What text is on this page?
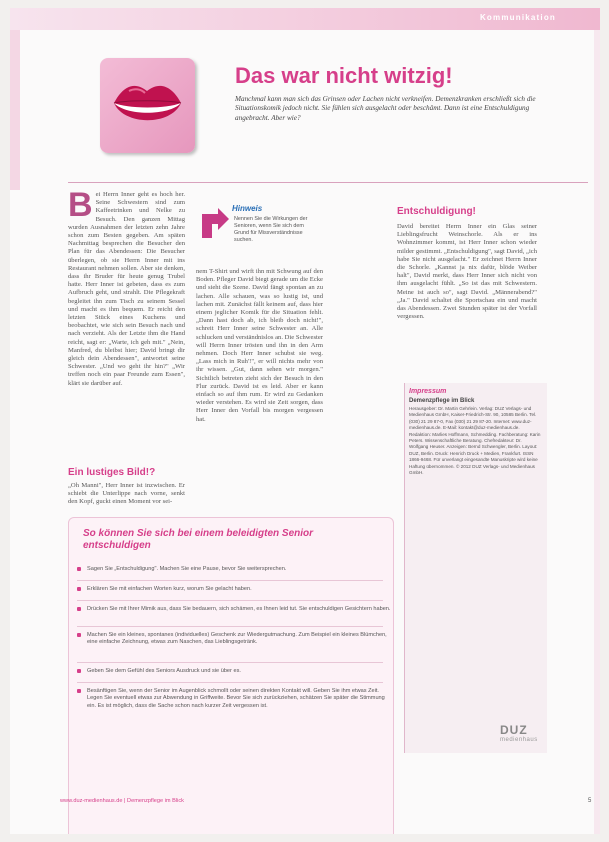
Kommunikation
Das war nicht witzig!
Manchmal kann man sich das Grinsen oder Lachen nicht verkneifen. Demenzkranken erschließt sich die Situationskomik jedoch nicht. Sie fühlen sich ausgelacht oder beschämt. Dann ist eine Entschuldigung angebracht. Aber wie?
B ei Herrn Inner geht es hoch her. Seine Schwestern sind zum Kaffeetrinken und Nelke zu Besuch. Den ganzen Mittag wurden Ausnahmen der letzten zehn Jahre schon zum Besten gegeben. Am späten Nachmittag besprechen die Besucher den Plan für das Abendessen: Die Besucher überlegen, ob sie Herrn Inner mit ins Restaurant nehmen sollen. Aber sie denken, dass ihr Bruder für heute genug Trubel hatte. Herr Inner ist gebeten, dass es zum Aufbruch geht, und strahlt. Die Pflegekraft begleitet ihn zum Tisch zu seinem Sessel und macht es ihm bequem. Er reicht den letzten Stück eines Kuchens und beobachtet, wie sich sein Besuch nach und nach verzieht. Als der Letzte ihm die Hand reicht, sagt er: „Warte, ich geh mit." „Nein, Manfred, du bleibst hier; David bringt dir gleich dein Abendessen", antwortet seine Schwester. „Und wo geht ihr hin?" „Wir treffen noch ein paar Freunde zum Essen", klärt sie darüber auf.

Ein lustiges Bild!?

„Oh Manni", Herr Inner ist inzwischen. Er schiebt die Unterlippe nach vorne, senkt den Kopf, guckt einen Moment vor sei-

Hinweis
Nennen Sie die Wirkungen der Senioren, wenn Sie sich dem Grund für Missverständnisse suchen.

nem T-Shirt und wirft ihn mit Schwung auf den Boden. Pfleger David biegt gerade um die Ecke und sieht die Szene. David fängt spontan an zu lachen. Alle schauen, was so lustig ist, und lachen mit. Zunächst fällt keinem auf, dass hier einem jeglicher Komik für die Situation fehlt. „Dann hast doch ab, ich bleib doch nicht!", schreit Herr Inner seine Schwester an. Alle schlucken und verständnislos an. Die Schwester will Herrn Inner trösten und ihn in den Arm nehmen. Doch Herr Inner schubst sie weg. „Lass mich in Ruh'!", er will nichts mehr von ihr wissen. „Gut, dann sehen wir morgen." Sichtlich betreten zieht sich der Besuch in den Flur zurück. David ist es leid. Aber er kann einfach so auf ihm rum. Er wird zu Gedanken wieder verstehen. Es wird sie Zeit sorgen, dass Herr Inner den Vorfall bis morgen vergessen hat.

Entschuldigung!

David bereitet Herrn Inner ein Glas seiner Lieblingsfrucht Weinschorle. Als er ins Wohnzimmer kommt, ist Herr Inner schon wieder milder gestimmt. „Entschuldigung", sagt David, „ich habe Sie nicht ausgelacht." Er zeichnet Herrn Inner die Schorle. „Kannst ja nix dafür, blöde Weiber halt", David merkt, dass Herr Inner sich nicht von ihm ausgelacht fühlt. „So ist das mit Schwestern. Meine ist auch so", sagt David. „Männerabend?" „Ja." David schaltet die Sportschau ein und macht das Abendessen. Zwei Stunden später ist der Vorfall vergessen.

Impressum
Demenzpflege im Blick
Herausgeber: Dr. Martin Gehrlein. Verlag: DUZ Verlags- und Medienhaus GmbH, Kaiser-Friedrich-Str. 90, 10585 Berlin. Tel. (030) 21 29 87-0, Fax (030) 21 29 87-20. Internet: www.duz-medienhaus.de. E-Mail: kontakt@duz-medienhaus.de. Redaktion: Marlies Hoffmann, Schmedding. Fachberatung: Karin Peters. Wissenschaftliche Beratung. Chefredakteur: Dr. Wolfgang Heuser. Anzeigen: Bernd Schwengler, Berlin. Layout: DUZ, Berlin. Druck: Henrich Druck + Medien, Frankfurt. ISSN 1866-9468. Für unverlangt eingesandte Manuskripte wird keine Haftung übernommen. © 2012 DUZ Verlags- und Medienhaus GmbH.
DUZ
medienhaus
So können Sie sich bei einem beleidigten Senior entschuldigen
Sagen Sie „Entschuldigung". Machen Sie eine Pause, bevor Sie weitersprechen.
Erklären Sie mit einfachen Worten kurz, worum Sie gelacht haben.
Drücken Sie mit Ihrer Mimik aus, dass Sie bedauern, sich schämen, es Ihnen leid tut. Sie entschuldigen Gesichtern haben.
Machen Sie ein kleines, spontanes (individuelles) Geschenk zur Wiedergutmachung. Zum Beispiel ein kleines Blümchen, eine einfache Zeichnung, etwas zum Naschen, das Lieblingsgetränk.
Geben Sie dem Gefühl des Seniors Ausdruck und sie über es.
Besänftigen Sie, wenn der Senior im Augenblick schmollt oder seinen direkten Kontakt will. Geben Sie ihm etwas Zeit. Legen Sie eventuell etwas zur Abwendung in Griffweite. Bevor Sie sich zurückziehen, schätzen Sie später die Stimmung ein. Es ist möglich, dass die Sache schon nach kurzer Zeit vergessen ist.
www.duz-medienhaus.de | Demenzpflege im Blick	5
